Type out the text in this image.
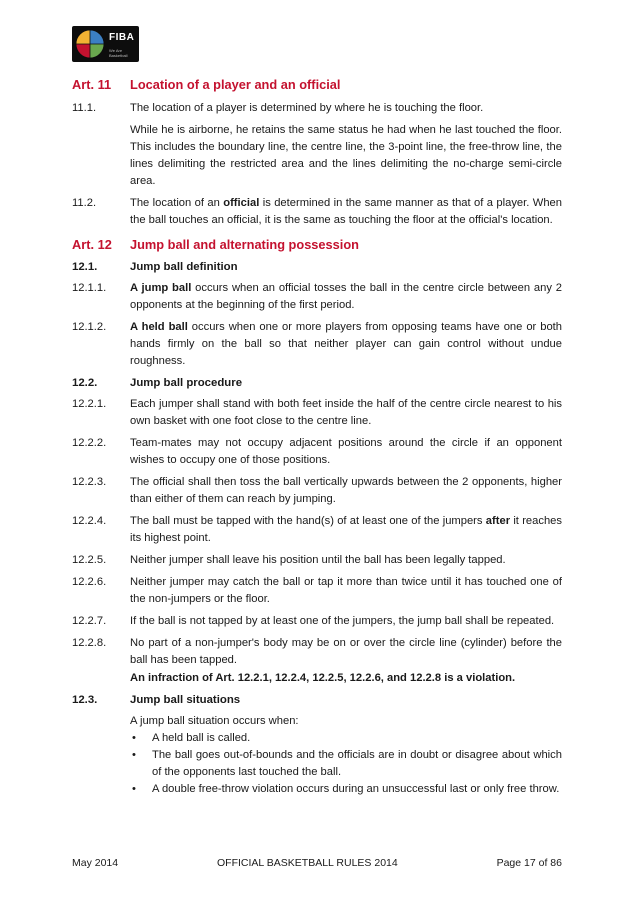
FIBA
We Are Basketball
Art. 11	Location of a player and an official
11.1.	The location of a player is determined by where he is touching the floor.
While he is airborne, he retains the same status he had when he last touched the floor. This includes the boundary line, the centre line, the 3-point line, the free-throw line, the lines delimiting the restricted area and the lines delimiting the no-charge semi-circle area.
11.2.	The location of an official is determined in the same manner as that of a player. When the ball touches an official, it is the same as touching the floor at the official's location.
Art. 12	Jump ball and alternating possession
12.1.	Jump ball definition
12.1.1.	A jump ball occurs when an official tosses the ball in the centre circle between any 2 opponents at the beginning of the first period.
12.1.2.	A held ball occurs when one or more players from opposing teams have one or both hands firmly on the ball so that neither player can gain control without undue roughness.
12.2.	Jump ball procedure
12.2.1.	Each jumper shall stand with both feet inside the half of the centre circle nearest to his own basket with one foot close to the centre line.
12.2.2.	Team-mates may not occupy adjacent positions around the circle if an opponent wishes to occupy one of those positions.
12.2.3.	The official shall then toss the ball vertically upwards between the 2 opponents, higher than either of them can reach by jumping.
12.2.4.	The ball must be tapped with the hand(s) of at least one of the jumpers after it reaches its highest point.
12.2.5.	Neither jumper shall leave his position until the ball has been legally tapped.
12.2.6.	Neither jumper may catch the ball or tap it more than twice until it has touched one of the non-jumpers or the floor.
12.2.7.	If the ball is not tapped by at least one of the jumpers, the jump ball shall be repeated.
12.2.8.	No part of a non-jumper's body may be on or over the circle line (cylinder) before the ball has been tapped.
An infraction of Art. 12.2.1, 12.2.4, 12.2.5, 12.2.6, and 12.2.8 is a violation.
12.3.	Jump ball situations
A jump ball situation occurs when:
• A held ball is called.
• The ball goes out-of-bounds and the officials are in doubt or disagree about which of the opponents last touched the ball.
• A double free-throw violation occurs during an unsuccessful last or only free throw.
May 2014	OFFICIAL BASKETBALL RULES 2014	Page 17 of 86
